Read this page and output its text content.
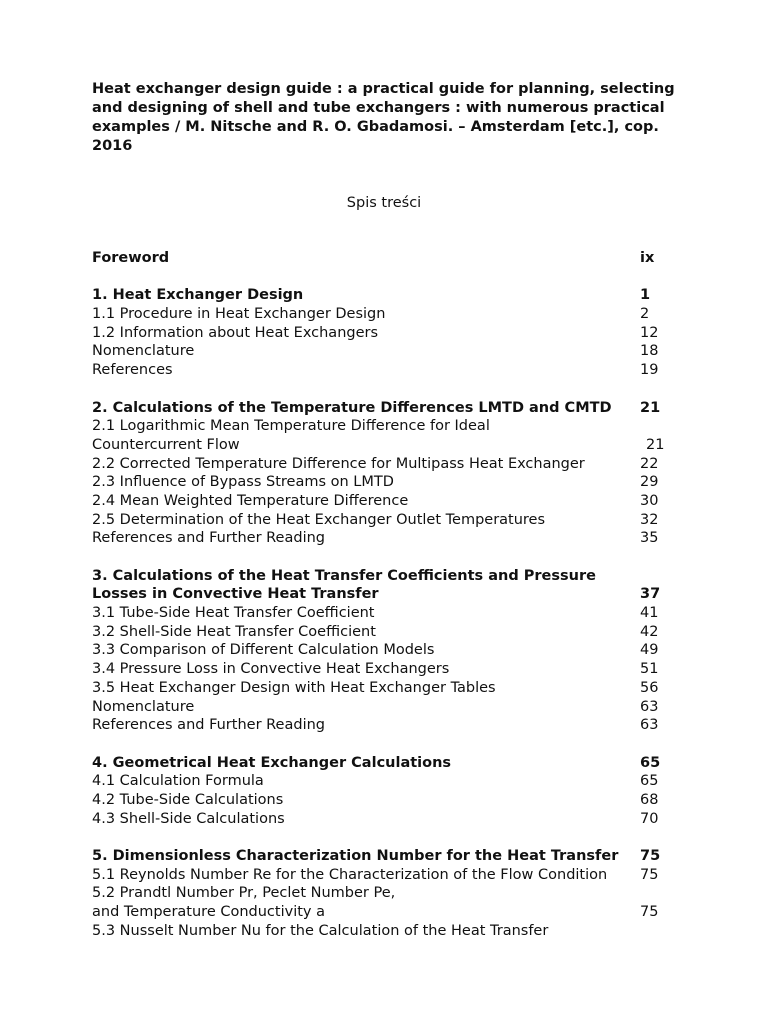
Heat exchanger design guide : a practical guide for planning, selecting and designing of shell and tube exchangers : with numerous practical examples / M. Nitsche and R. O. Gbadamosi. – Amsterdam [etc.], cop. 2016

Spis treści
Foreword	ix
1. Heat Exchanger Design	1
1.1 Procedure in Heat Exchanger Design	2
1.2 Information about Heat Exchangers	12
Nomenclature	18
References	19
2. Calculations of the Temperature Differences LMTD and CMTD 21
2.1 Logarithmic Mean Temperature Difference for Ideal
Countercurrent Flow	21
2.2 Corrected Temperature Difference for Multipass Heat Exchanger	22
2.3 Influence of Bypass Streams on LMTD	29
2.4 Mean Weighted Temperature Difference	30
2.5 Determination of the Heat Exchanger Outlet Temperatures	32
References and Further Reading	35
3. Calculations of the Heat Transfer Coefficients and Pressure
Losses in Convective Heat Transfer	37
3.1 Tube-Side Heat Transfer Coefficient	41
3.2 Shell-Side Heat Transfer Coefficient	42
3.3 Comparison of Different Calculation Models	49
3.4 Pressure Loss in Convective Heat Exchangers	51
3.5 Heat Exchanger Design with Heat Exchanger Tables	56
Nomenclature	63
References and Further Reading	63
4. Geometrical Heat Exchanger Calculations	65
4.1 Calculation Formula	65
4.2 Tube-Side Calculations	68
4.3 Shell-Side Calculations	70
5. Dimensionless Characterization Number for the Heat Transfer 75
5.1 Reynolds Number Re for the Characterization of the Flow Condition 75
5.2 Prandtl Number Pr, Peclet Number Pe,
and Temperature Conductivity a	75
5.3 Nusselt Number Nu for the Calculation of the Heat Transfer
